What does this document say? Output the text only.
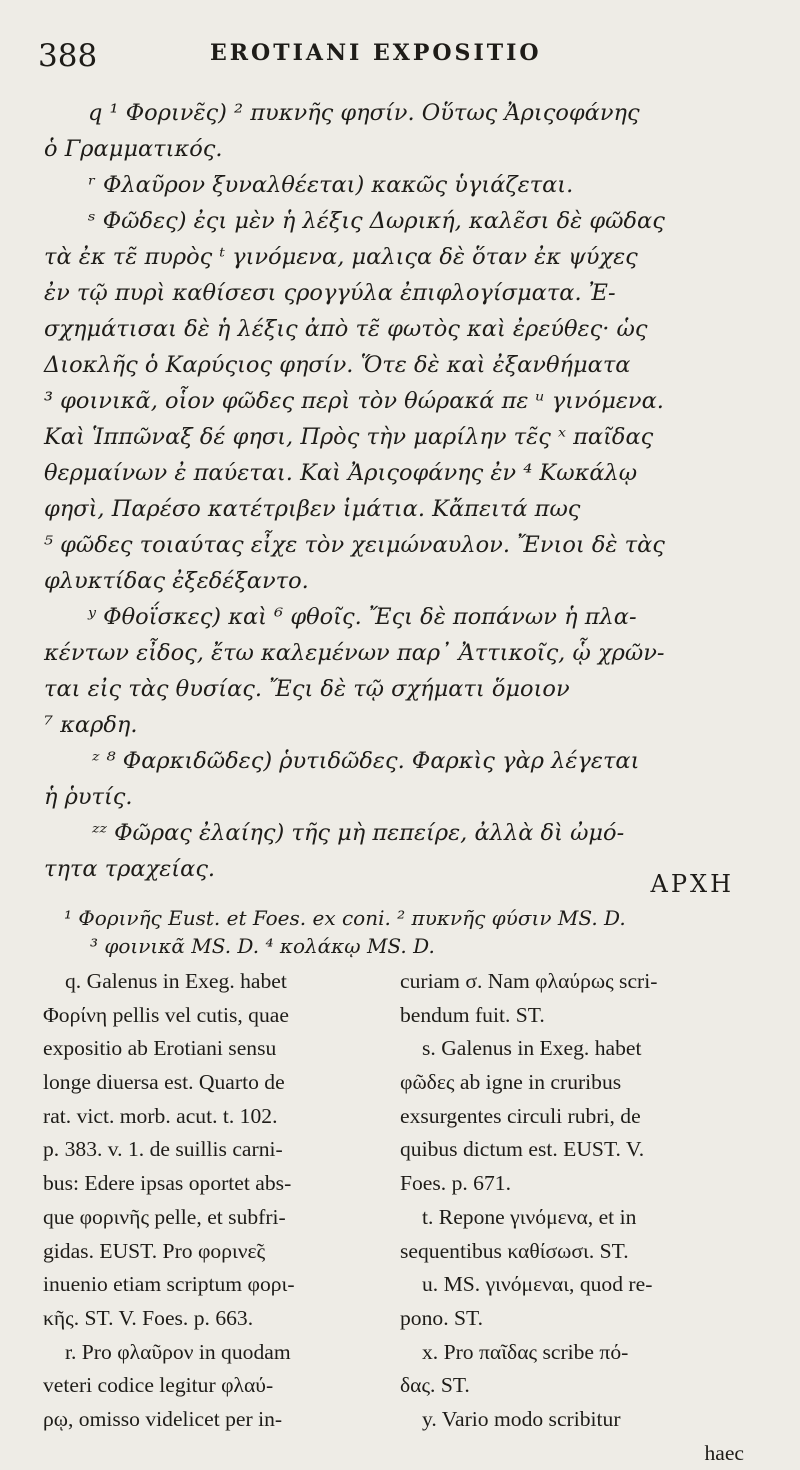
388	EROTIANI EXPOSITIO
q ¹ Φορινε̃ς) ² πυκνῆς φησίν. Οὕτως Ἀριςοφάνης
ὁ Γραμματικός.
ʳ Φλαῦρον ξυναλθέεται) κακῶς ὑγιάζεται.
ˢ Φῶδες) ἐςι μὲν ἡ λέξις Δωρική, καλε̃σι δὲ φῶδας
τὰ ἐκ τε̃ πυρὸς ᵗ γινόμενα, μαλιςα δὲ ὅταν ἐκ ψύχες
ἐν τῷ πυρὶ καθίσεσι ςρογγύλα ἐπιφλογίσματα. Ἐ-
σχημάτισαι δὲ ἡ λέξις ἀπὸ τε̃ φωτὸς καὶ ἐρεύθες· ὡς
Διοκλῆς ὁ Καρύςιος φησίν. Ὅτε δὲ καὶ ἐξανθήματα
³ φοινικᾶ, οἷον φῶδες περὶ τὸν θώρακά πε ᵘ γινόμενα.
Καὶ Ἱππῶναξ δέ φησι, Πρὸς τὴν μαρίλην τε̃ς ˣ παῖδας
θερμαίνων ἐ παύεται. Καὶ Ἀριςοφάνης ἐν ⁴ Κωκάλῳ
φησὶ, Παρέσο κατέτριβεν ἱμάτια. Κἄπειτά πως
⁵ φῶδες τοιαύτας εἶχε τὸν χειμώναυλον. Ἔνιοι δὲ τὰς
φλυκτίδας ἐξεδέξαντο.
ʸ Φθοΐσκες) καὶ ⁶ φθοῖς. Ἔςι δὲ ποπάνων ἡ πλα-
κέντων εἶδος, ἔτω καλεμένων παρ᾽ Ἀττικοῖς, ᾧ χρῶν-
ται εἰς τὰς θυσίας. Ἔςι δὲ τῷ σχήματι ὅμοιον
⁷ καρδη.
ᶻ ⁸ Φαρκιδῶδες) ῥυτιδῶδες. Φαρκὶς γὰρ λέγεται
ἡ ῥυτίς.
ᶻᶻ Φῶρας ἐλαίης) τῆς μὴ πεπείρε, ἀλλὰ δὶ ὠμό-
τητα τραχείας.
ΑΡΧΗ
¹ Φορινῆς Eust. et Foes. ex coni. ² πυκνῆς φύσιν MS. D.
³ φοινικᾶ MS. D. ⁴ κολάκῳ MS. D.
q. Galenus in Exeg. habet
Φορίνη pellis vel cutis, quae
expositio ab Erotiani sensu
longe diuersa est. Quarto de
rat. vict. morb. acut. t. 102.
p. 383. v. 1. de suillis carni-
bus: Edere ipsas oportet abs-
que φορινῆς pelle, et subfri-
gidas. EUST. Pro φορινε̃ς
inuenio etiam scriptum φορι-
κῆς. ST. V. Foes. p. 663.
r. Pro φλαῦρον in quodam
veteri codice legitur φλαύ-
ρῳ, omisso videlicet per in-
curiam σ. Nam φλαύρως scri-
bendum fuit. ST.
s. Galenus in Exeg. habet
φῶδες ab igne in cruribus
exsurgentes circuli rubri, de
quibus dictum est. EUST. V.
Foes. p. 671.
t. Repone γινόμενα, et in
sequentibus καθίσωσι. ST.
u. MS. γινόμεναι, quod re-
pono. ST.
x. Pro παῖδας scribe πό-
δας. ST.
y. Vario modo scribitur
haec
